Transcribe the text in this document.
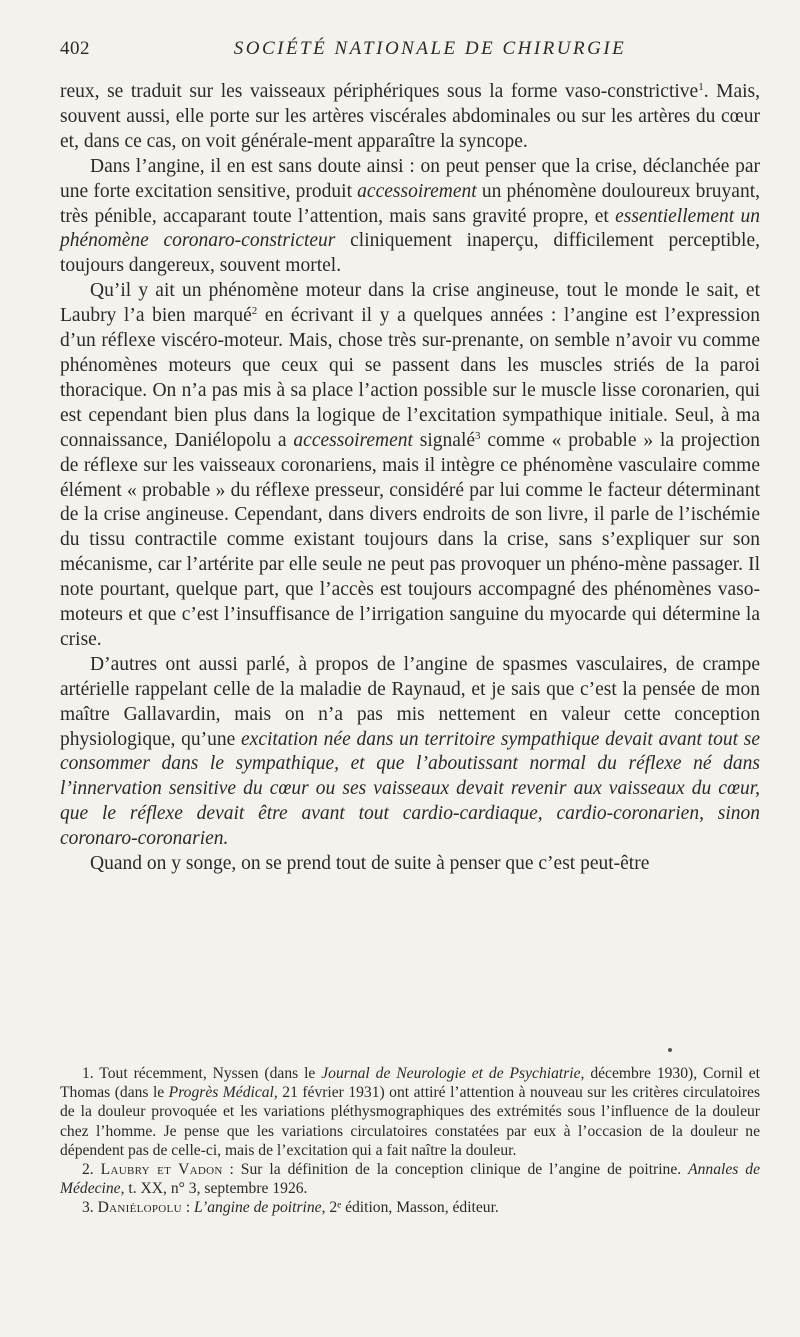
402	SOCIÉTÉ NATIONALE DE CHIRURGIE

reux, se traduit sur les vaisseaux périphériques sous la forme vaso-constrictive$^1$. Mais, souvent aussi, elle porte sur les artères viscérales abdominales ou sur les artères du cœur et, dans ce cas, on voit générale-ment apparaître la syncope.

Dans l’angine, il en est sans doute ainsi : on peut penser que la crise, déclanchée par une forte excitation sensitive, produit accessoirement un phénomène douloureux bruyant, très pénible, accaparant toute l’attention, mais sans gravité propre, et essentiellement un phénomène coronaro-constricteur cliniquement inaperçu, difficilement perceptible, toujours dangereux, souvent mortel.

Qu’il y ait un phénomène moteur dans la crise angineuse, tout le monde le sait, et Laubry l’a bien marqué$^2$ en écrivant il y a quelques années : l’angine est l’expression d’un réflexe viscéro-moteur. Mais, chose très sur-prenante, on semble n’avoir vu comme phénomènes moteurs que ceux qui se passent dans les muscles striés de la paroi thoracique. On n’a pas mis à sa place l’action possible sur le muscle lisse coronarien, qui est cependant bien plus dans la logique de l’excitation sympathique initiale. Seul, à ma connaissance, Daniélopolu a accessoirement signalé$^3$ comme « probable » la projection de réflexe sur les vaisseaux coronariens, mais il intègre ce phénomène vasculaire comme élément « probable » du réflexe presseur, considéré par lui comme le facteur déterminant de la crise angineuse. Cependant, dans divers endroits de son livre, il parle de l’ischémie du tissu contractile comme existant toujours dans la crise, sans s’expliquer sur son mécanisme, car l’artérite par elle seule ne peut pas provoquer un phéno-mène passager. Il note pourtant, quelque part, que l’accès est toujours accompagné des phénomènes vaso-moteurs et que c’est l’insuffisance de l’irrigation sanguine du myocarde qui détermine la crise.

D’autres ont aussi parlé, à propos de l’angine de spasmes vasculaires, de crampe artérielle rappelant celle de la maladie de Raynaud, et je sais que c’est la pensée de mon maître Gallavardin, mais on n’a pas mis nettement en valeur cette conception physiologique, qu’une excitation née dans un territoire sympathique devait avant tout se consommer dans le sympathique, et que l’aboutissant normal du réflexe né dans l’innervation sensitive du cœur ou ses vaisseaux devait revenir aux vaisseaux du cœur, que le réflexe devait être avant tout cardio-cardiaque, cardio-coronarien, sinon coronaro-coronarien.

Quand on y songe, on se prend tout de suite à penser que c’est peut-être

1. Tout récemment, Nyssen (dans le Journal de Neurologie et de Psychiatrie, décembre 1930), Cornil et Thomas (dans le Progrès Médical, 21 février 1931) ont attiré l’attention à nouveau sur les critères circulatoires de la douleur provoquée et les variations pléthysmographiques des extrémités sous l’influence de la douleur chez l’homme. Je pense que les variations circulatoires constatées par eux à l’occasion de la douleur ne dépendent pas de celle-ci, mais de l’excitation qui a fait naître la douleur.

2. Laubry et Vadon : Sur la définition de la conception clinique de l’angine de poitrine. Annales de Médecine, t. XX, n° 3, septembre 1926.

3. Daniélopolu : L’angine de poitrine, 2ᵉ édition, Masson, éditeur.
